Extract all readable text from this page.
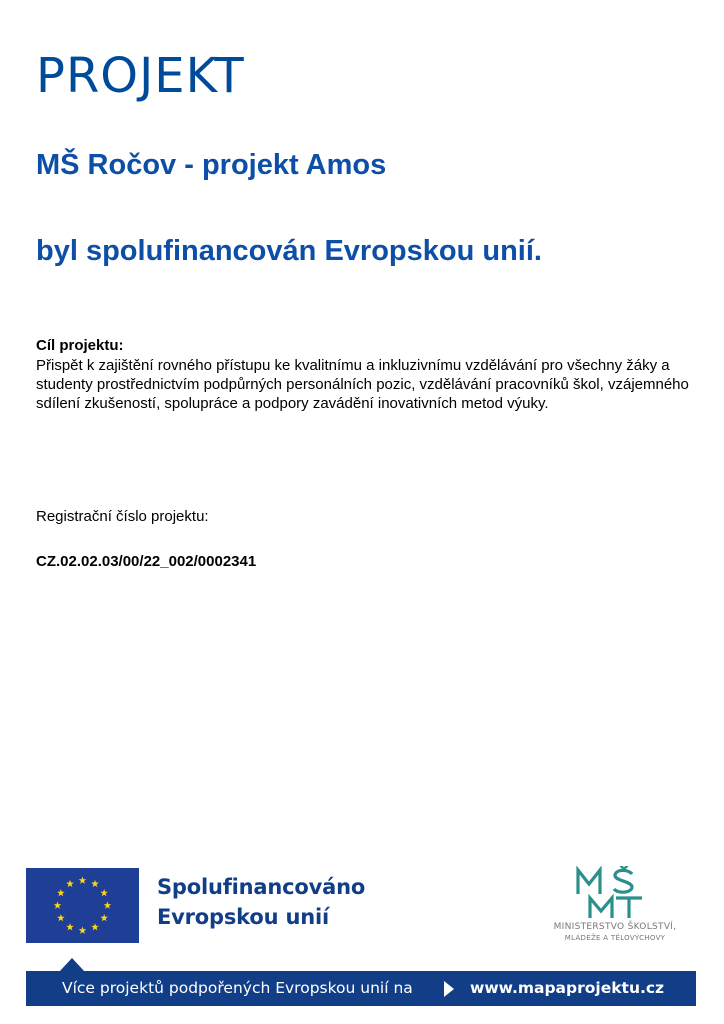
PROJEKT
MŠ Ročov - projekt Amos
byl spolufinancován Evropskou unií.
Cíl projektu:

Přispět k zajištění rovného přístupu ke kvalitnímu a inkluzivnímu vzdělávání pro všechny žáky a studenty prostřednictvím podpůrných personálních pozic, vzdělávání pracovníků škol, vzájemného sdílení zkušeností, spolupráce a podpory zavádění inovativních metod výuky.

Registrační číslo projektu:
CZ.02.02.03/00/22_002/0002341
Spolufinancováno
Evropskou unií	MINISTERSTVO ŠKOLSTVÍ,
MLÁDEŽE A TĚLOVÝCHOVY
Více projektů podpořených Evropskou unií na	www.mapaprojektu.cz
